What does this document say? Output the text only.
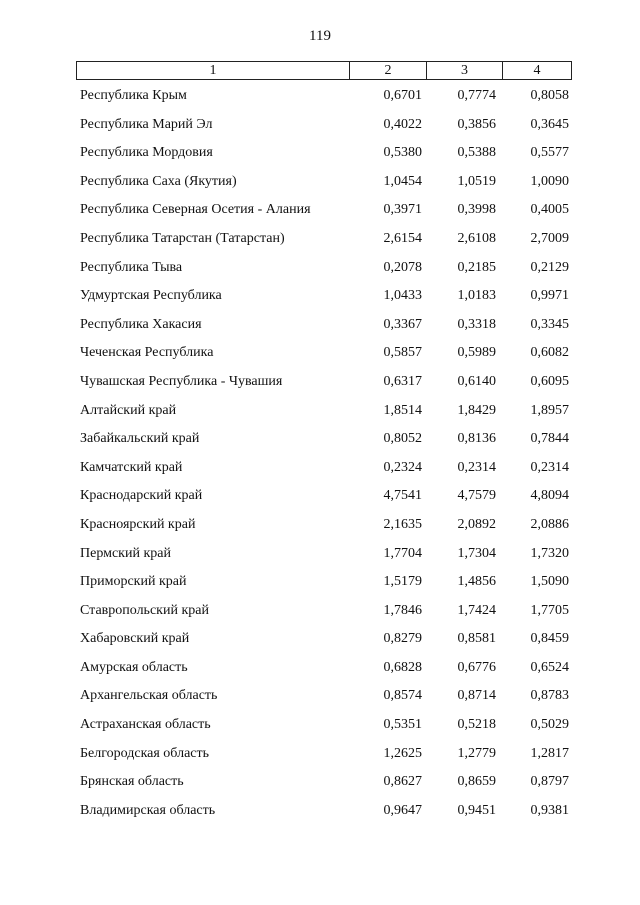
119
1	2	3	4
Республика Крым	0,6701	0,7774	0,8058
Республика Марий Эл	0,4022	0,3856	0,3645
Республика Мордовия	0,5380	0,5388	0,5577
Республика Саха (Якутия)	1,0454	1,0519	1,0090
Республика Северная Осетия - Алания	0,3971	0,3998	0,4005
Республика Татарстан (Татарстан)	2,6154	2,6108	2,7009
Республика Тыва	0,2078	0,2185	0,2129
Удмуртская Республика	1,0433	1,0183	0,9971
Республика Хакасия	0,3367	0,3318	0,3345
Чеченская Республика	0,5857	0,5989	0,6082
Чувашская Республика - Чувашия	0,6317	0,6140	0,6095
Алтайский край	1,8514	1,8429	1,8957
Забайкальский край	0,8052	0,8136	0,7844
Камчатский край	0,2324	0,2314	0,2314
Краснодарский край	4,7541	4,7579	4,8094
Красноярский край	2,1635	2,0892	2,0886
Пермский край	1,7704	1,7304	1,7320
Приморский край	1,5179	1,4856	1,5090
Ставропольский край	1,7846	1,7424	1,7705
Хабаровский край	0,8279	0,8581	0,8459
Амурская область	0,6828	0,6776	0,6524
Архангельская область	0,8574	0,8714	0,8783
Астраханская область	0,5351	0,5218	0,5029
Белгородская область	1,2625	1,2779	1,2817
Брянская область	0,8627	0,8659	0,8797
Владимирская область	0,9647	0,9451	0,9381
